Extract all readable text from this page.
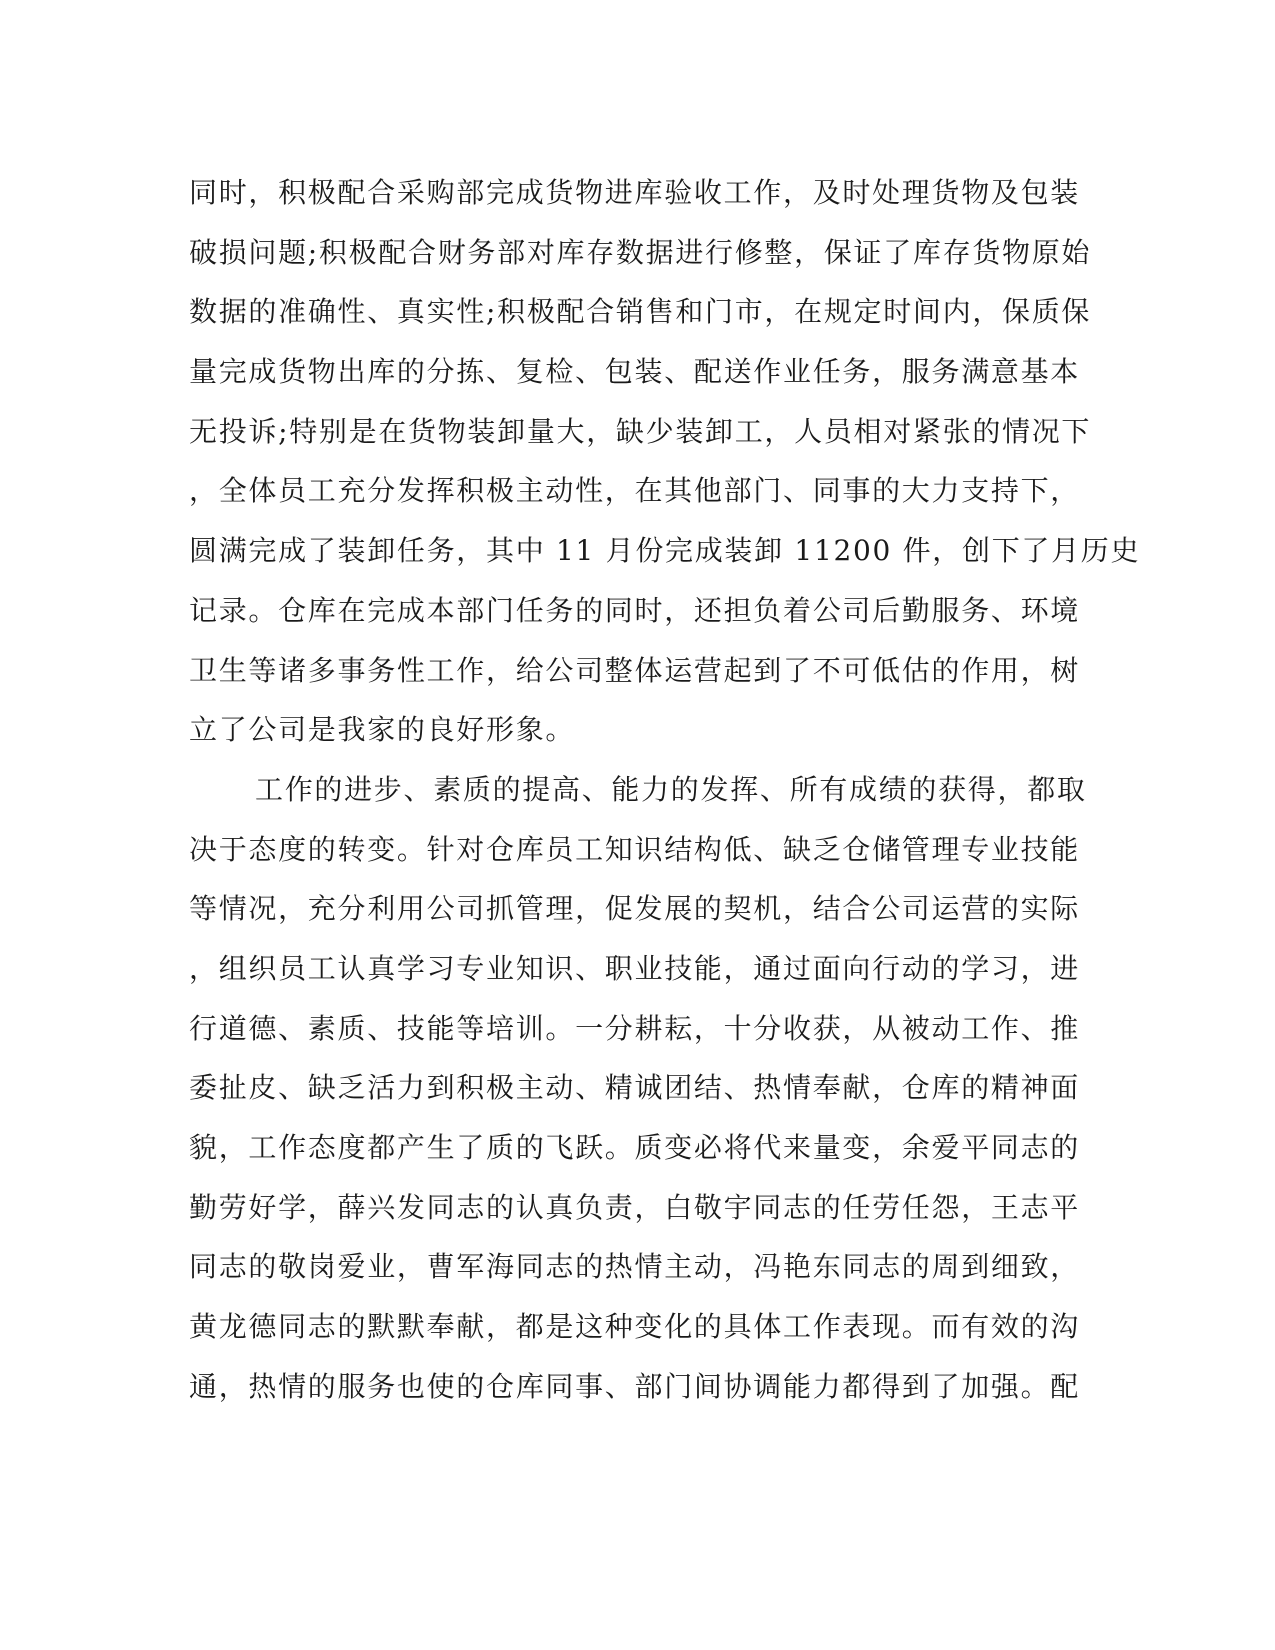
同时，积极配合采购部完成货物进库验收工作，及时处理货物及包装
破损问题;积极配合财务部对库存数据进行修整，保证了库存货物原始
数据的准确性、真实性;积极配合销售和门市，在规定时间内，保质保
量完成货物出库的分拣、复检、包装、配送作业任务，服务满意基本
无投诉;特别是在货物装卸量大，缺少装卸工，人员相对紧张的情况下
，全体员工充分发挥积极主动性，在其他部门、同事的大力支持下，
圆满完成了装卸任务，其中 11 月份完成装卸 11200 件，创下了月历史
记录。仓库在完成本部门任务的同时，还担负着公司后勤服务、环境
卫生等诸多事务性工作，给公司整体运营起到了不可低估的作用，树
立了公司是我家的良好形象。
工作的进步、素质的提高、能力的发挥、所有成绩的获得，都取
决于态度的转变。针对仓库员工知识结构低、缺乏仓储管理专业技能
等情况，充分利用公司抓管理，促发展的契机，结合公司运营的实际
，组织员工认真学习专业知识、职业技能，通过面向行动的学习，进
行道德、素质、技能等培训。一分耕耘，十分收获，从被动工作、推
委扯皮、缺乏活力到积极主动、精诚团结、热情奉献，仓库的精神面
貌，工作态度都产生了质的飞跃。质变必将代来量变，余爱平同志的
勤劳好学，薛兴发同志的认真负责，白敬宇同志的任劳任怨，王志平
同志的敬岗爱业，曹军海同志的热情主动，冯艳东同志的周到细致，
黄龙德同志的默默奉献，都是这种变化的具体工作表现。而有效的沟
通，热情的服务也使的仓库同事、部门间协调能力都得到了加强。配
